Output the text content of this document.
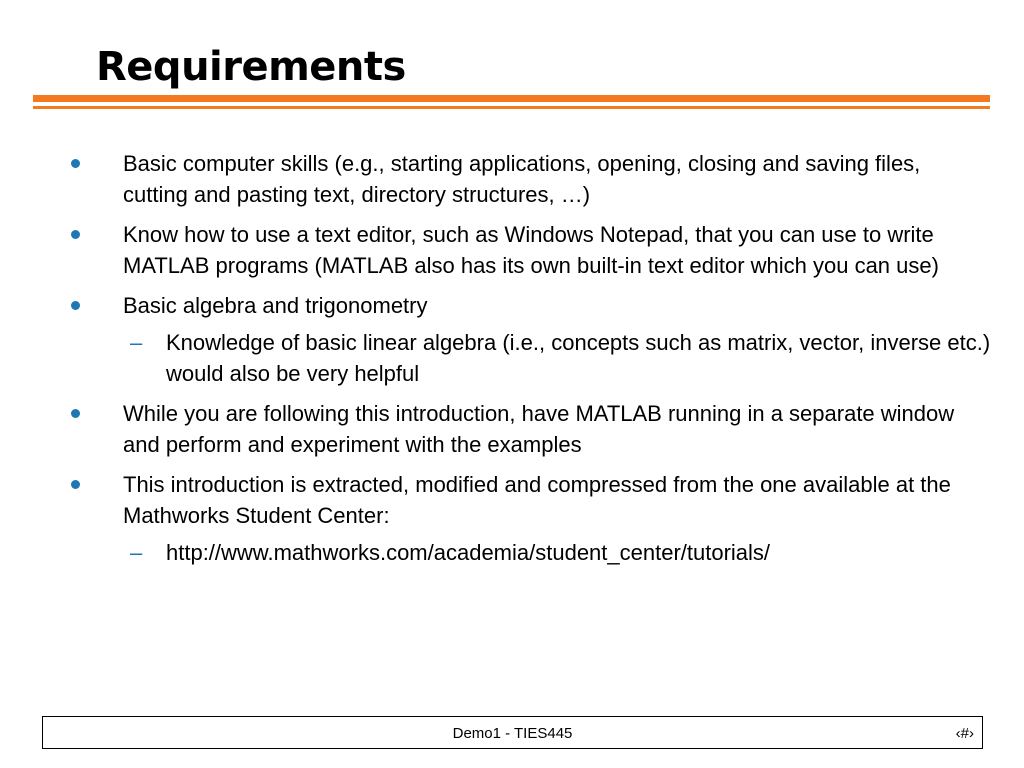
Requirements
Basic computer skills (e.g., starting applications, opening, closing and saving files, cutting and pasting text, directory structures, …)
Know how to use a text editor, such as Windows Notepad, that you can use to write MATLAB programs (MATLAB also has its own built-in text editor which you can use)
Basic algebra and trigonometry
– Knowledge of basic linear algebra (i.e., concepts such as matrix, vector, inverse etc.) would also be very helpful
While you are following this introduction, have MATLAB running in a separate window and perform and experiment with the examples
This introduction is extracted, modified and compressed from the one available at the Mathworks Student Center:
– http://www.mathworks.com/academia/student_center/tutorials/
Demo1 - TIES445	‹#›
